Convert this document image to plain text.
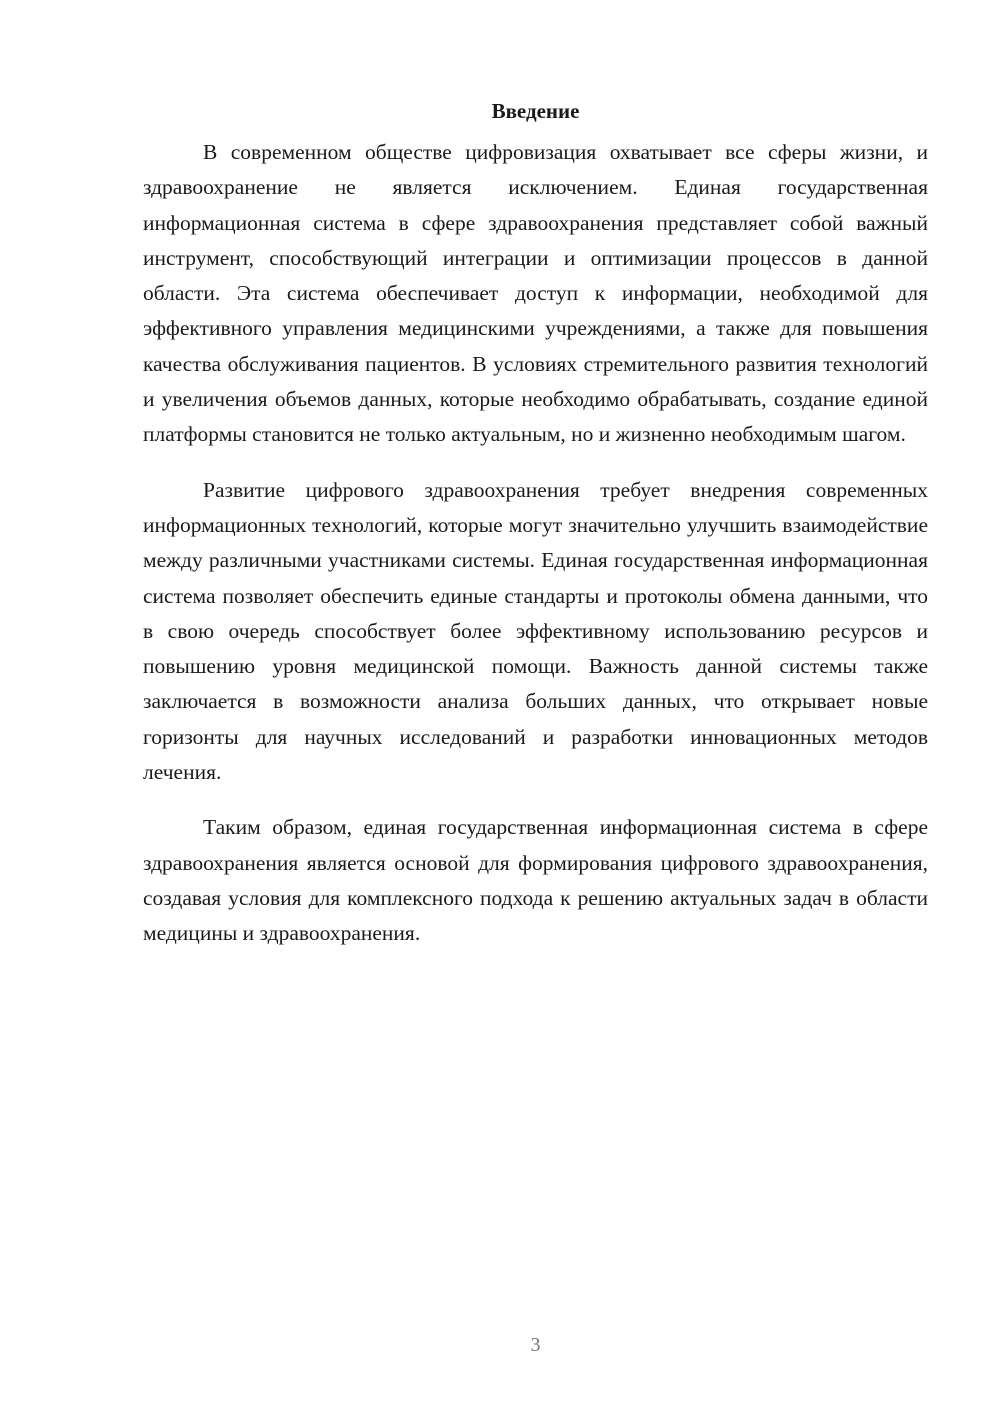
Введение

В современном обществе цифровизация охватывает все сферы жизни, и здравоохранение не является исключением. Единая государственная информационная система в сфере здравоохранения представляет собой важный инструмент, способствующий интеграции и оптимизации процессов в данной области. Эта система обеспечивает доступ к информации, необходимой для эффективного управления медицинскими учреждениями, а также для повышения качества обслуживания пациентов. В условиях стремительного развития технологий и увеличения объемов данных, которые необходимо обрабатывать, создание единой платформы становится не только актуальным, но и жизненно необходимым шагом.

Развитие цифрового здравоохранения требует внедрения современных информационных технологий, которые могут значительно улучшить взаимодействие между различными участниками системы. Единая государственная информационная система позволяет обеспечить единые стандарты и протоколы обмена данными, что в свою очередь способствует более эффективному использованию ресурсов и повышению уровня медицинской помощи. Важность данной системы также заключается в возможности анализа больших данных, что открывает новые горизонты для научных исследований и разработки инновационных методов лечения.

Таким образом, единая государственная информационная система в сфере здравоохранения является основой для формирования цифрового здравоохранения, создавая условия для комплексного подхода к решению актуальных задач в области медицины и здравоохранения.

3
